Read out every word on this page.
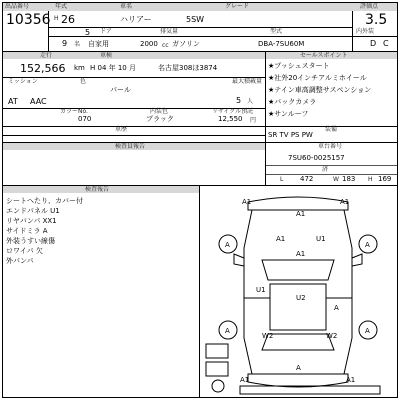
出品番号	年式	車名	グレード	評価点
10356 H 26	ハリアー	5SW	3.5
ドア	排気量	型式	内外装
5
9 名 自家用	2000 cc ガソリン	DBA-7SU60M	D C
走行	車検
152,566 km H 04 年 10 月	名古屋308ほ3874
色
ミッション	最大積載量
パール
AT AAC	5 人
カラーNo.	内装色	リサイクル預託
070	ブラック	12,550 円
車歴
セールスポイント
★プッシュスタート
★社外20インチアルミホイール
★テイン車高調整サスペンション
★バックカメラ
★サンルーフ
装備
SR TV PS PW
検査員報告	車台番号
7SU60-0025157
済
L 472	W 183 H 169
検査報告
シートへたり、カバー付
エンドパネル U1
リヤバンパ XX1
サイドミラ A
外装うすい線傷
ロワイパ 欠
外パンパ
A1	A1
A1
A	A
A1	U1
A1
U1
U2
A	A
A
W2	W2
A1
A
A1
